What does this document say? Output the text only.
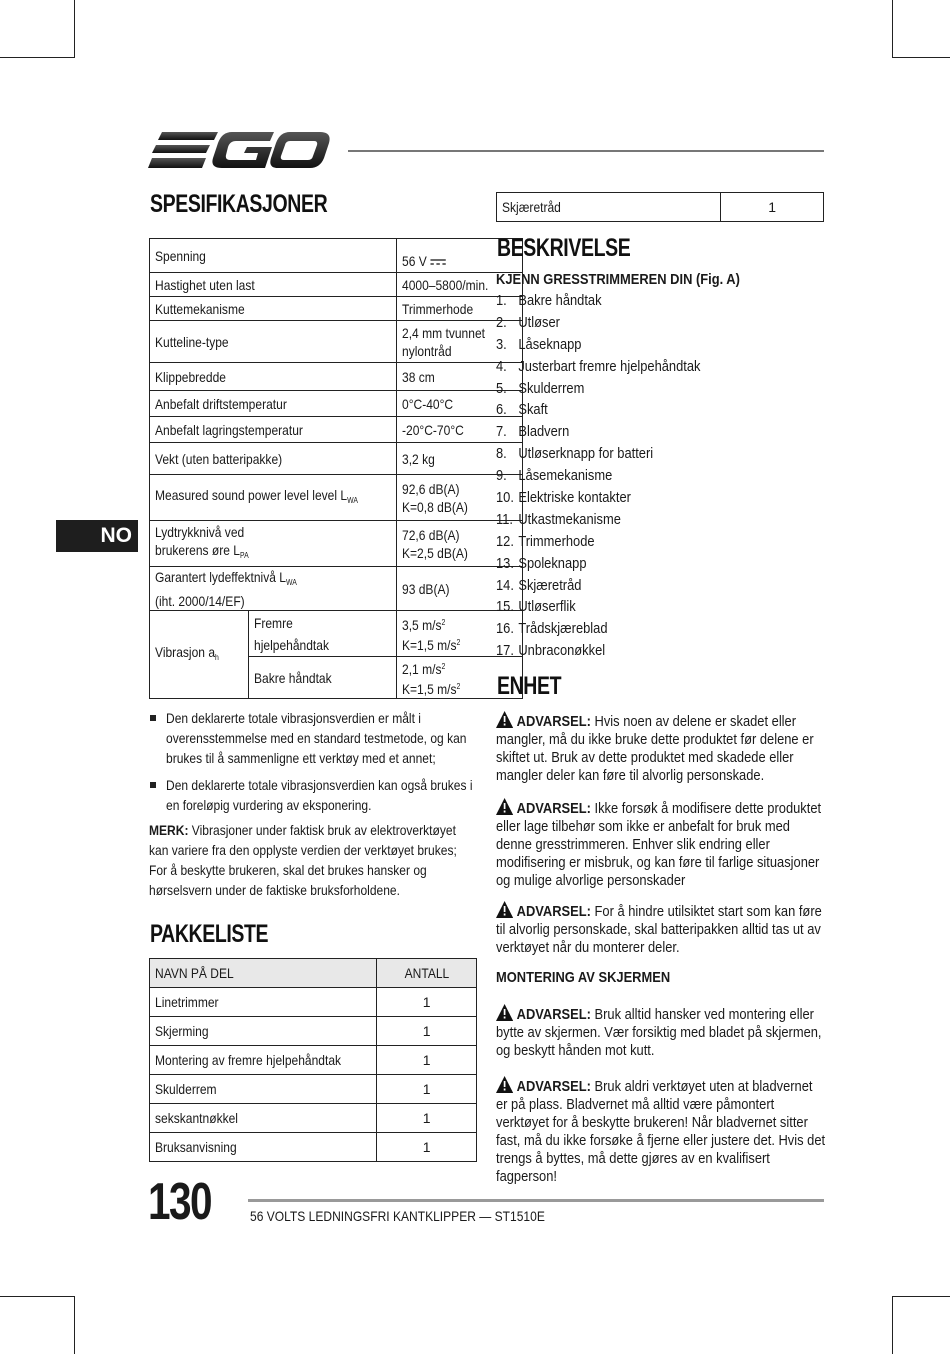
NO
SPESIFIKASJONER
Spenning		56 V
Hastighet uten last		4000–5800/min.
Kuttemekanisme		Trimmerhode
Kutteline-type		2,4 mm tvunnet nylontråd

Klippebredde		38 cm
Anbefalt driftstemperatur		0°C-40°C
Anbefalt lagringstemperatur		-20°C-70°C
Vekt (uten batteripakke)		3,2 kg
Measured sound power level level $L_{WA}$		92,6 dB(A)
K=0,8 dB(A)
Lydtrykknivå ved
brukerens øre $L_{PA}$		72,6 dB(A)
K=2,5 dB(A)
Garantert lydeffektnivå $L_{WA}$
(iht. 2000/14/EF)		93 dB(A)
Vibrasjon $a_h$	Fremre
hjelpehåndtak	3,5 $m/s^2$
K=1,5 $m/s^2$
	Bakre håndtak	2,1 $m/s^2$
K=1,5 $m/s^2$
Den deklarerte totale vibrasjonsverdien er målt i overensstemmelse med en standard testmetode, og kan brukes til å sammenligne ett verktøy med et annet;
Den deklarerte totale vibrasjonsverdien kan også brukes i en foreløpig vurdering av eksponering.
MERK: Vibrasjoner under faktisk bruk av elektroverktøyet kan variere fra den opplyste verdien der verktøyet brukes; For å beskytte brukeren, skal det brukes hansker og hørselsvern under de faktiske bruksforholdene.
PAKKELISTE
NAVN PÅ DEL	ANTALL
Linetrimmer	1
Skjerming	1
Montering av fremre hjelpehåndtak	1
Skulderrem	1
sekskantnøkkel	1
Bruksanvisning	1
Skjæretråd	1
BESKRIVELSE
KJENN GRESSTRIMMEREN DIN (Fig. A)
1. Bakre håndtak
2. Utløser
3. Låseknapp
4. Justerbart fremre hjelpehåndtak
5. Skulderrem
6. Skaft
7. Bladvern
8. Utløserknapp for batteri
9. Låsemekanisme
10. Elektriske kontakter
11. Utkastmekanisme
12. Trimmerhode
13. Spoleknapp
14. Skjæretråd
15. Utløserflik
16. Trådskjæreblad
17. Unbraconøkkel
ENHET
ADVARSEL: Hvis noen av delene er skadet eller mangler, må du ikke bruke dette produktet før delene er skiftet ut. Bruk av dette produktet med skadede eller mangler deler kan føre til alvorlig personskade.
ADVARSEL: Ikke forsøk å modifisere dette produktet eller lage tilbehør som ikke er anbefalt for bruk med denne gresstrimmeren. Enhver slik endring eller modifisering er misbruk, og kan føre til farlige situasjoner og mulige alvorlige personskader
ADVARSEL: For å hindre utilsiktet start som kan føre til alvorlig personskade, skal batteripakken alltid tas ut av verktøyet når du monterer deler.
MONTERING AV SKJERMEN
ADVARSEL: Bruk alltid hansker ved montering eller bytte av skjermen. Vær forsiktig med bladet på skjermen, og beskytt hånden mot kutt.
ADVARSEL: Bruk aldri verktøyet uten at bladvernet er på plass. Bladvernet må alltid være påmontert verktøyet for å beskytte brukeren! Når bladvernet sitter fast, må du ikke forsøke å fjerne eller justere det. Hvis det trengs å byttes, må dette gjøres av en kvalifisert fagperson!
130	56 VOLTS LEDNINGSFRI KANTKLIPPER — ST1510E
